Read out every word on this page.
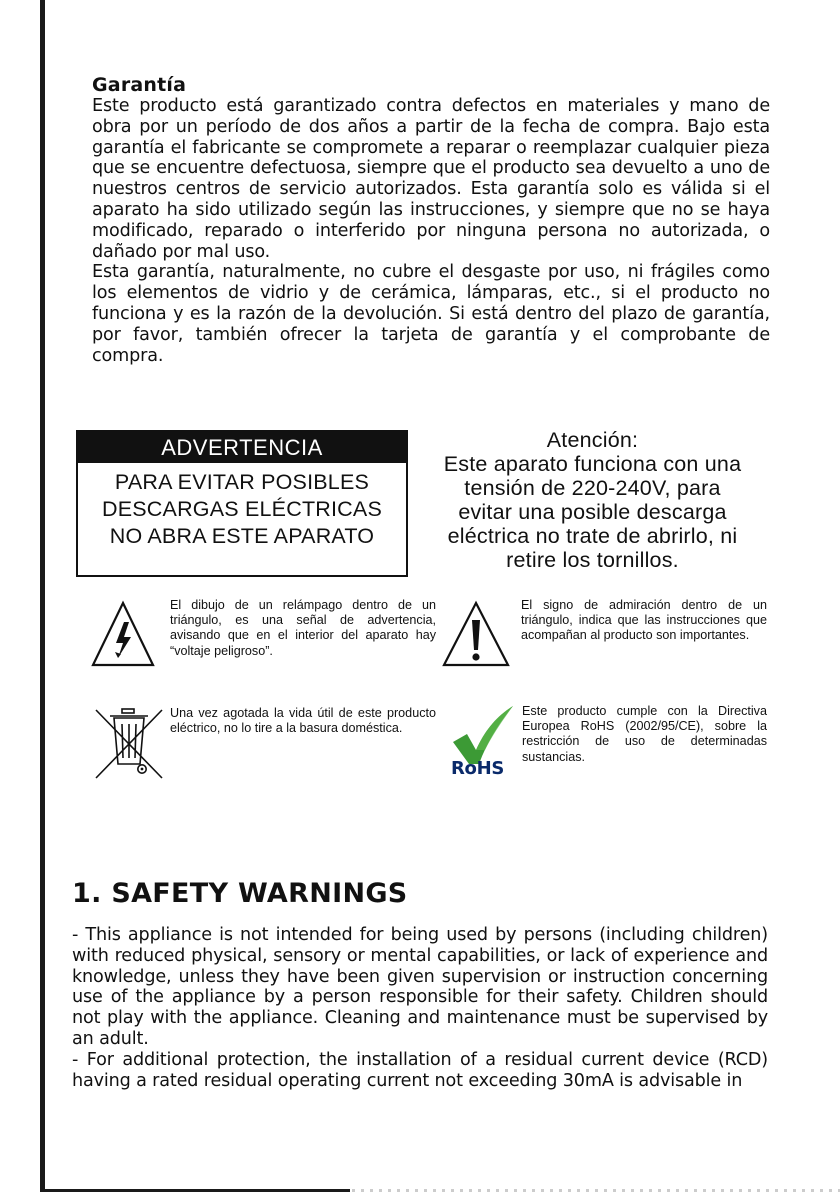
Garantía

Este producto está garantizado contra defectos en materiales y mano de obra por un período de dos años a partir de la fecha de compra. Bajo esta garantía el fabricante se compromete a reparar o reemplazar cualquier pieza que se encuentre defectuosa, siempre que el producto sea devuelto a uno de nuestros centros de servicio autorizados. Esta garantía solo es válida si el aparato ha sido utilizado según las instrucciones, y siempre que no se haya modificado, reparado o interferido por ninguna persona no autorizada, o dañado por mal uso.

Esta garantía, naturalmente, no cubre el desgaste por uso, ni frágiles como los elementos de vidrio y de cerámica, lámparas, etc., si el producto no funciona y es la razón de la devolución. Si está dentro del plazo de garantía, por favor, también ofrecer la tarjeta de garantía y el comprobante de compra.

ADVERTENCIA
PARA EVITAR POSIBLES
DESCARGAS ELÉCTRICAS
NO ABRA ESTE APARATO
Atención:
Este aparato funciona con una
tensión de 220-240V, para
evitar una posible descarga
eléctrica no trate de abrirlo, ni
retire los tornillos.
El dibujo de un relámpago dentro de un triángulo, es una señal de advertencia, avisando que en el interior del aparato hay “voltaje peligroso”.
El signo de admiración dentro de un triángulo, indica que las instrucciones que acompañan al producto son importantes.
Una vez agotada la vida útil de este producto eléctrico, no lo tire a la basura doméstica.
RoHS
Este producto cumple con la Directiva Europea RoHS (2002/95/CE), sobre la restricción de uso de determinadas sustancias.
1. SAFETY WARNINGS

- This appliance is not intended for being used by persons (including children) with reduced physical, sensory or mental capabilities, or lack of experience and knowledge, unless they have been given supervision or instruction concerning use of the appliance by a person responsible for their safety. Children should not play with the appliance. Cleaning and maintenance must be supervised by an adult.

- For additional protection, the installation of a residual current device (RCD) having a rated residual operating current not exceeding 30mA is advisable in
